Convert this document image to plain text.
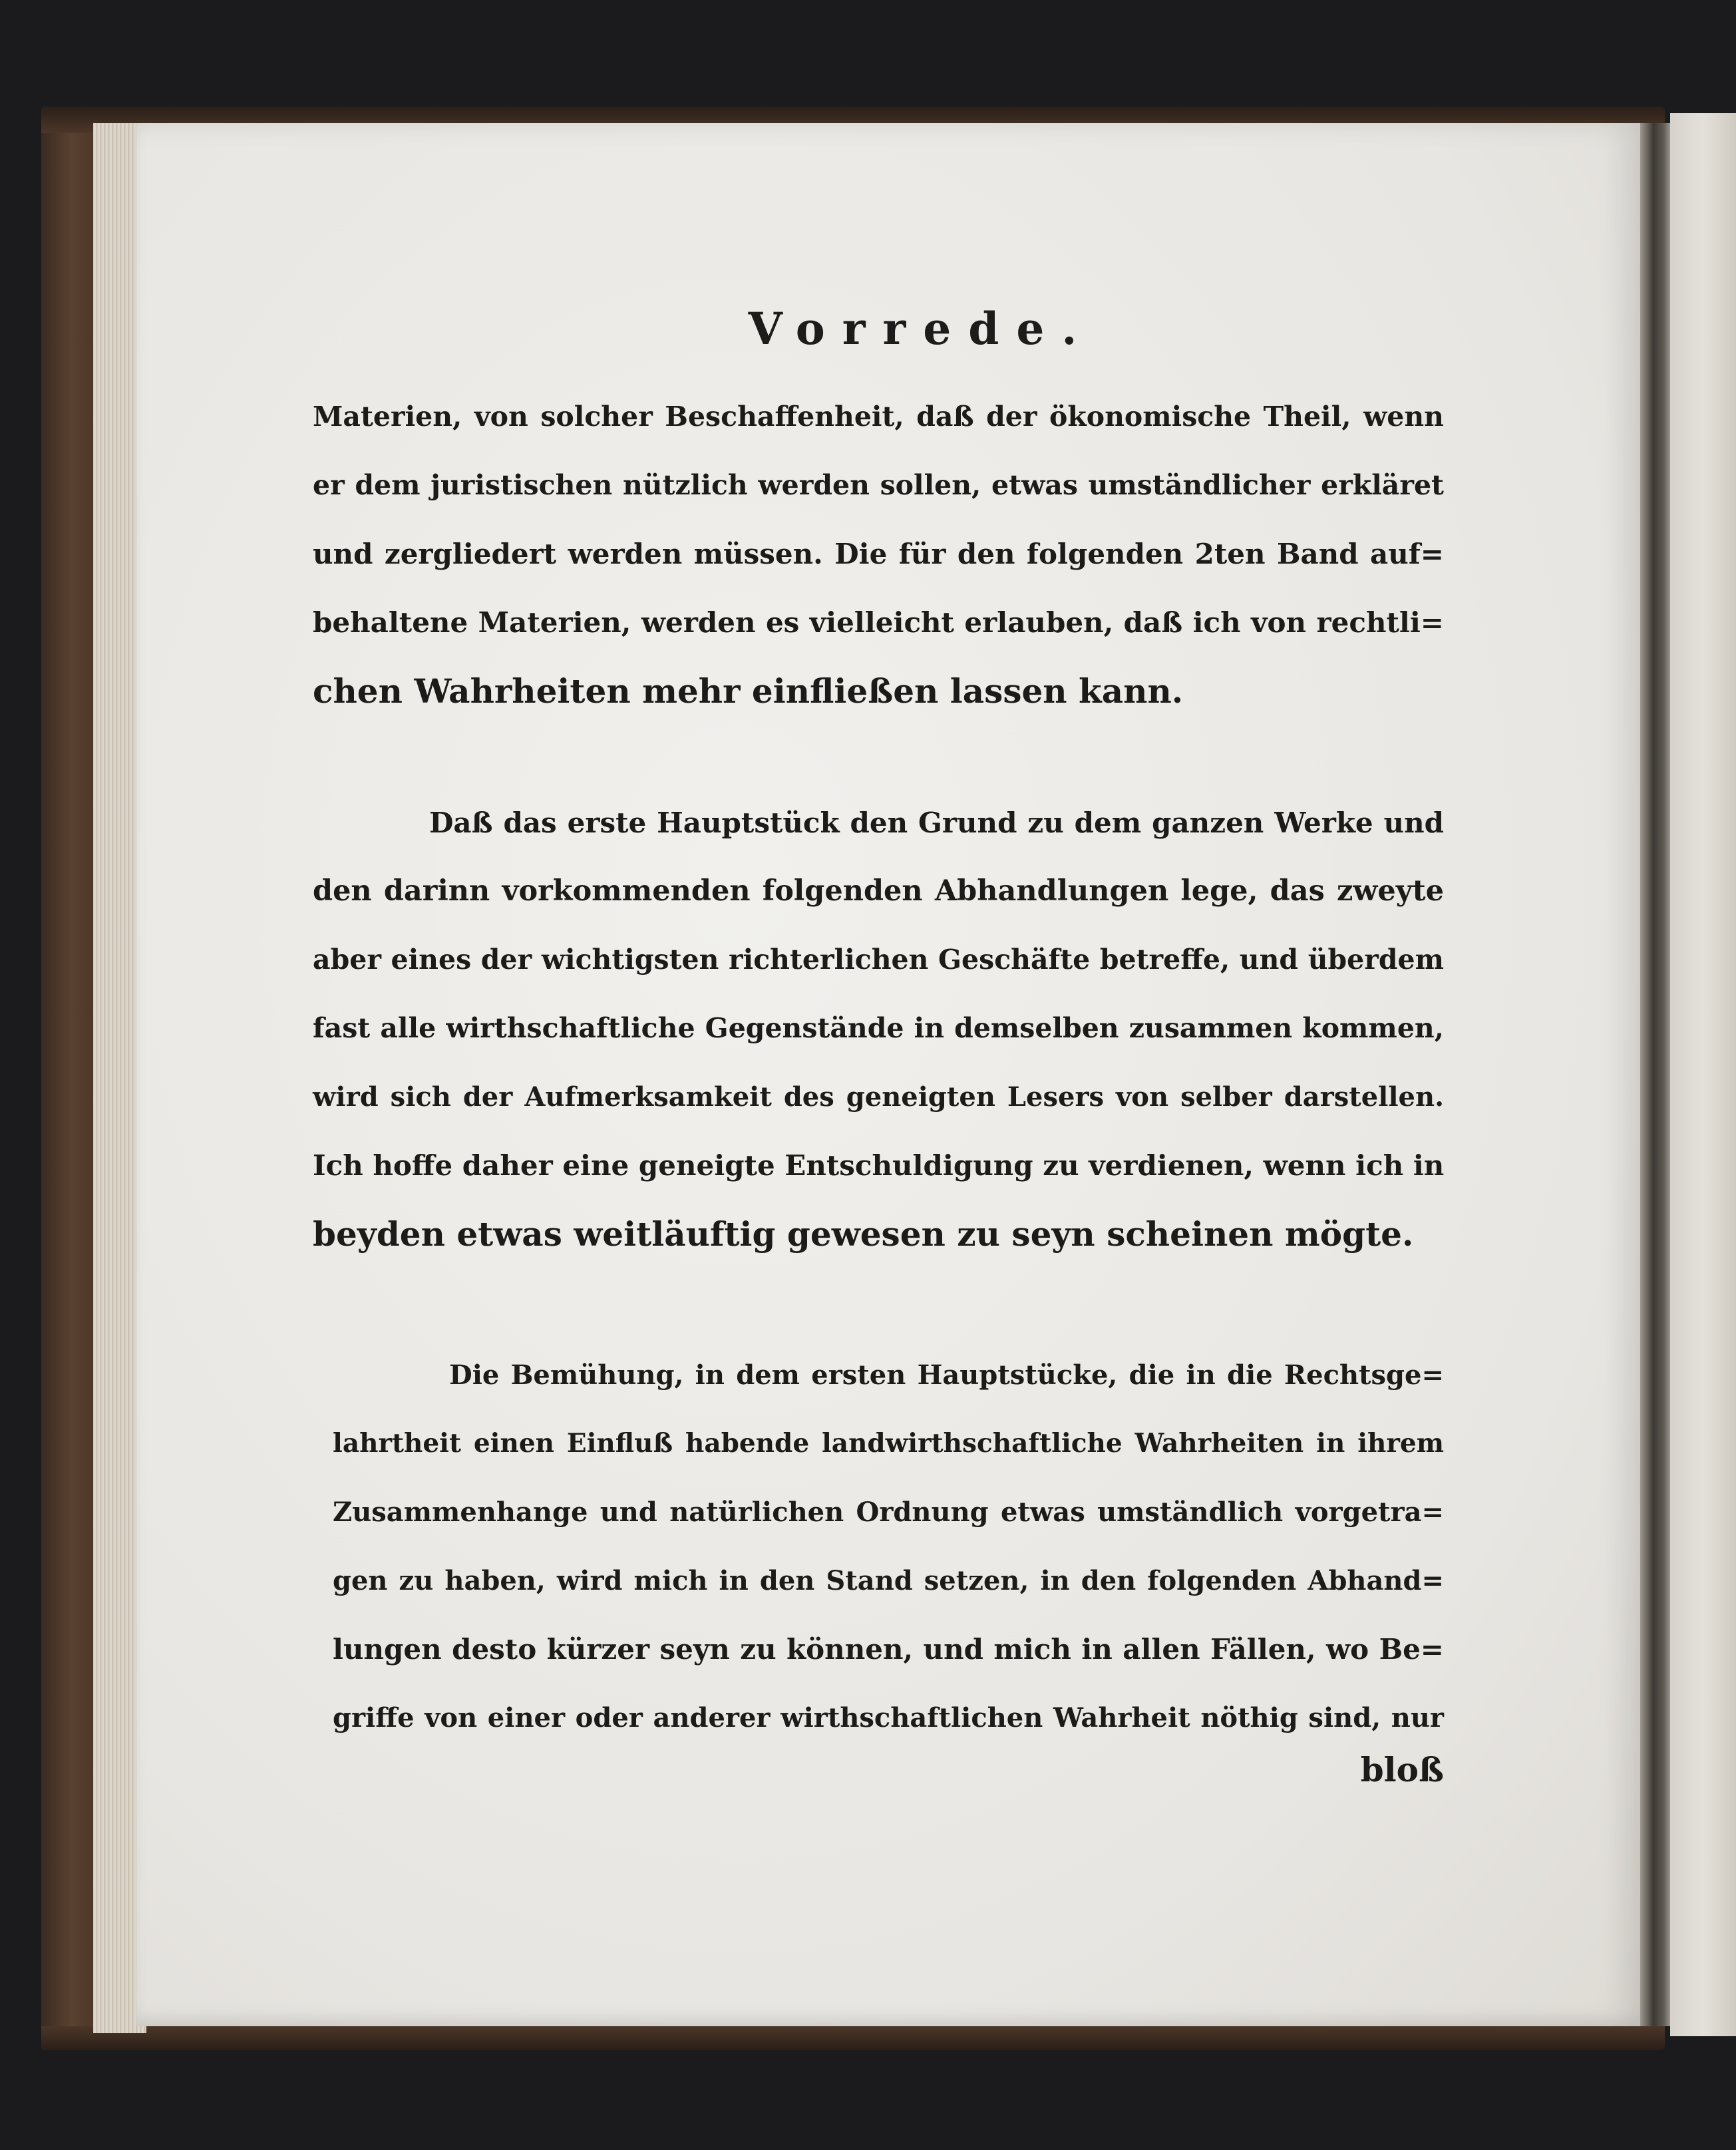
Vorrede.
Materien, von solcher Beschaffenheit, daß der ökonomische Theil, wenn
er dem juristischen nützlich werden sollen, etwas umständlicher erkläret
und zergliedert werden müssen. Die für den folgenden 2ten Band auf=
behaltene Materien, werden es vielleicht erlauben, daß ich von rechtli=
chen Wahrheiten mehr einfließen lassen kann.
Daß das erste Hauptstück den Grund zu dem ganzen Werke und
den darinn vorkommenden folgenden Abhandlungen lege, das zweyte
aber eines der wichtigsten richterlichen Geschäfte betreffe, und überdem
fast alle wirthschaftliche Gegenstände in demselben zusammen kommen,
wird sich der Aufmerksamkeit des geneigten Lesers von selber darstellen.
Ich hoffe daher eine geneigte Entschuldigung zu verdienen, wenn ich in
beyden etwas weitläuftig gewesen zu seyn scheinen mögte.
Die Bemühung, in dem ersten Hauptstücke, die in die Rechtsge=
lahrtheit einen Einfluß habende landwirthschaftliche Wahrheiten in ihrem
Zusammenhange und natürlichen Ordnung etwas umständlich vorgetra=
gen zu haben, wird mich in den Stand setzen, in den folgenden Abhand=
lungen desto kürzer seyn zu können, und mich in allen Fällen, wo Be=
griffe von einer oder anderer wirthschaftlichen Wahrheit nöthig sind, nur
bloß
